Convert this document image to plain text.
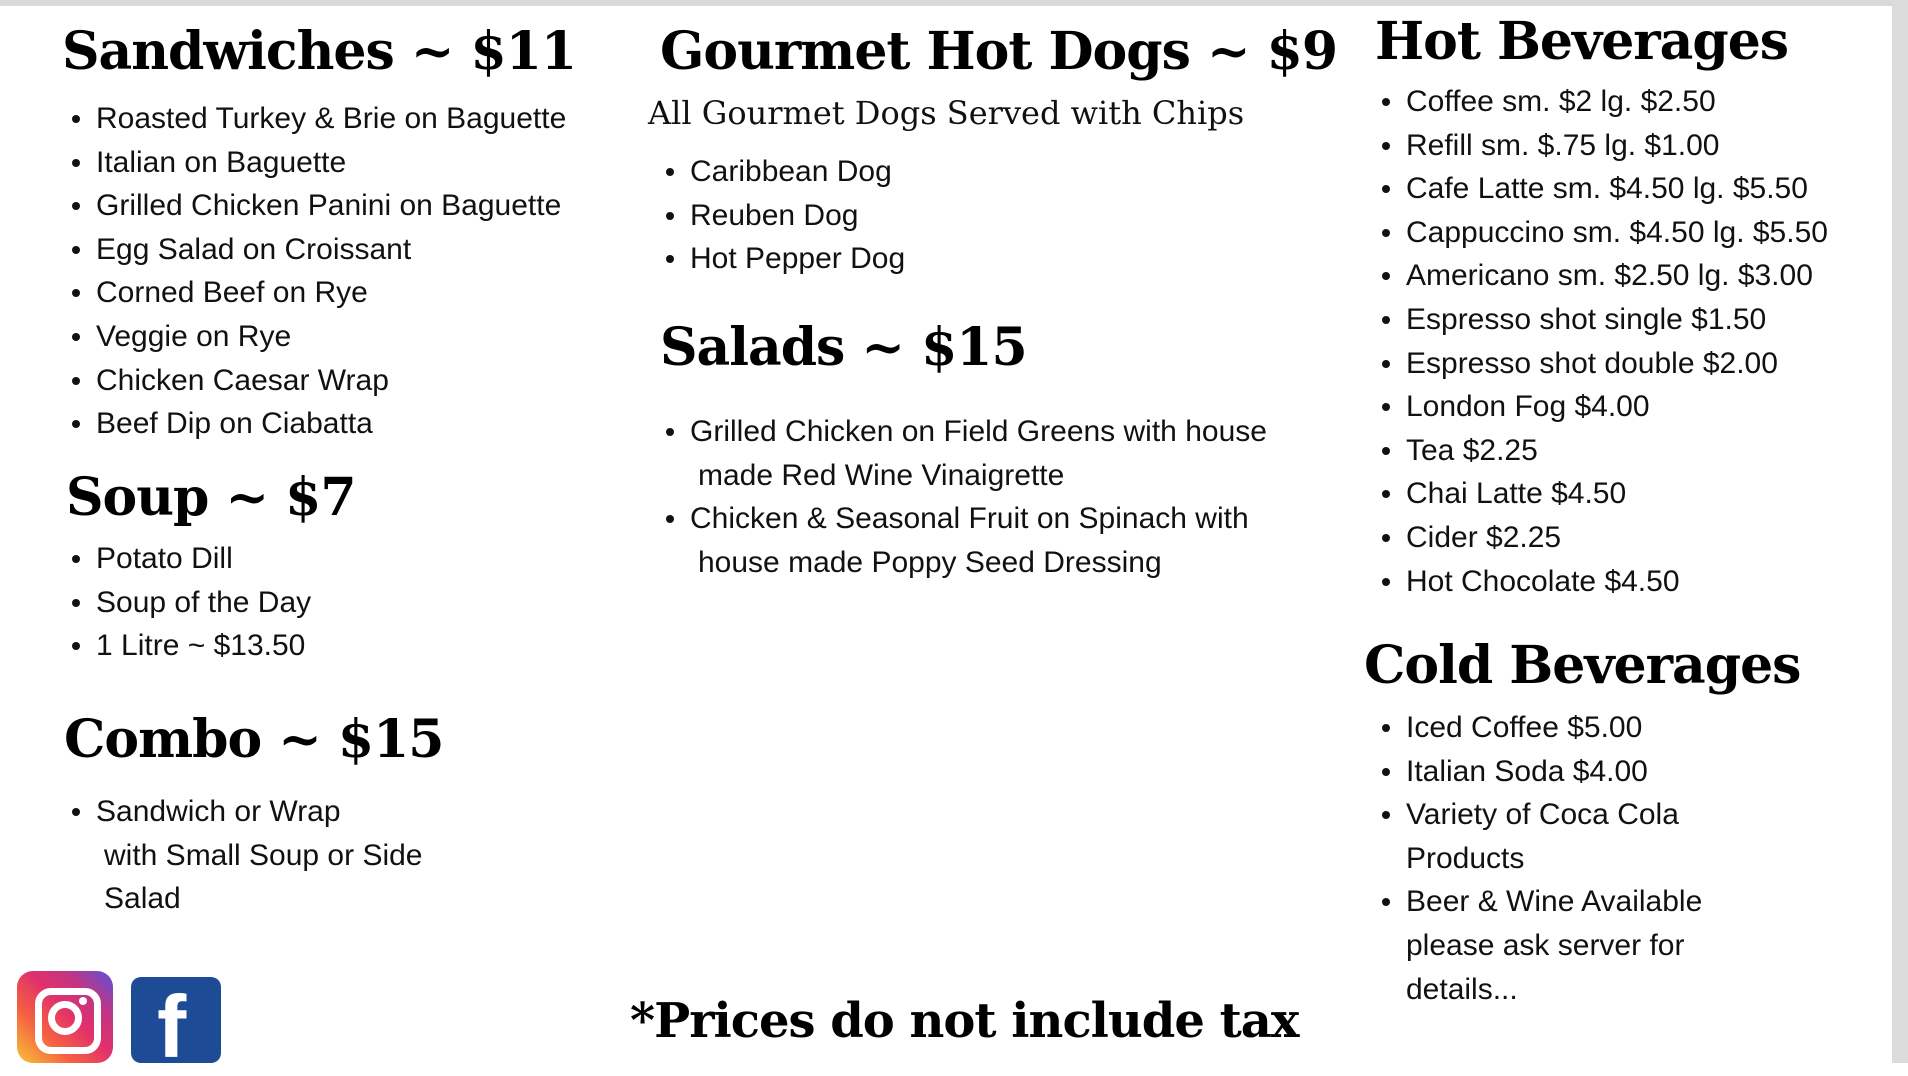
Sandwiches ~ $11
Roasted Turkey & Brie on Baguette
Italian on Baguette
Grilled Chicken Panini on Baguette
Egg Salad on Croissant
Corned Beef on Rye
Veggie on Rye
Chicken Caesar Wrap
Beef Dip on Ciabatta
Soup ~ $7
Potato Dill
Soup of the Day
1 Litre ~ $13.50
Combo ~ $15
Sandwich or Wrap
with Small Soup or Side
Salad
Gourmet Hot Dogs ~ $9

All Gourmet Dogs Served with Chips

Caribbean Dog
Reuben Dog
Hot Pepper Dog
Salads ~ $15
Grilled Chicken on Field Greens with house
made Red Wine Vinaigrette
Chicken & Seasonal Fruit on Spinach with
house made Poppy Seed Dressing
Hot Beverages
Coffee sm. $2 lg. $2.50
Refill sm. $.75 lg. $1.00
Cafe Latte sm. $4.50 lg. $5.50
Cappuccino sm. $4.50 lg. $5.50
Americano sm. $2.50 lg. $3.00
Espresso shot single $1.50
Espresso shot double $2.00
London Fog $4.00
Tea $2.25
Chai Latte $4.50
Cider $2.25
Hot Chocolate $4.50
Cold Beverages
Iced Coffee $5.00
Italian Soda $4.00
Variety of Coca Cola
Products
Beer & Wine Available
please ask server for
details...
f	*Prices do not include tax
